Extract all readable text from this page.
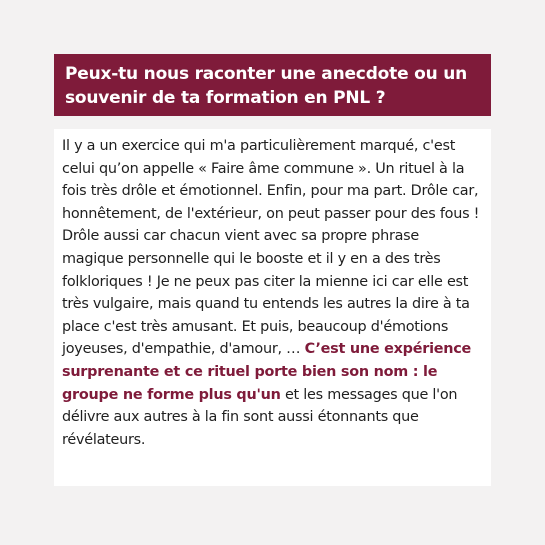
Peux-tu nous raconter une anecdote ou un souvenir de ta formation en PNL ?

Il y a un exercice qui m'a particulièrement marqué, c'est celui qu’on appelle « Faire âme commune ». Un rituel à la fois très drôle et émotionnel. Enfin, pour ma part. Drôle car, honnêtement, de l'extérieur, on peut passer pour des fous ! Drôle aussi car chacun vient avec sa propre phrase magique personnelle qui le booste et il y en a des très folkloriques ! Je ne peux pas citer la mienne ici car elle est très vulgaire, mais quand tu entends les autres la dire à ta place c'est très amusant. Et puis, beaucoup d'émotions joyeuses, d'empathie, d'amour, … C’est une expérience surprenante et ce rituel porte bien son nom : le groupe ne forme plus qu'un et les messages que l'on délivre aux autres à la fin sont aussi étonnants que révélateurs.
